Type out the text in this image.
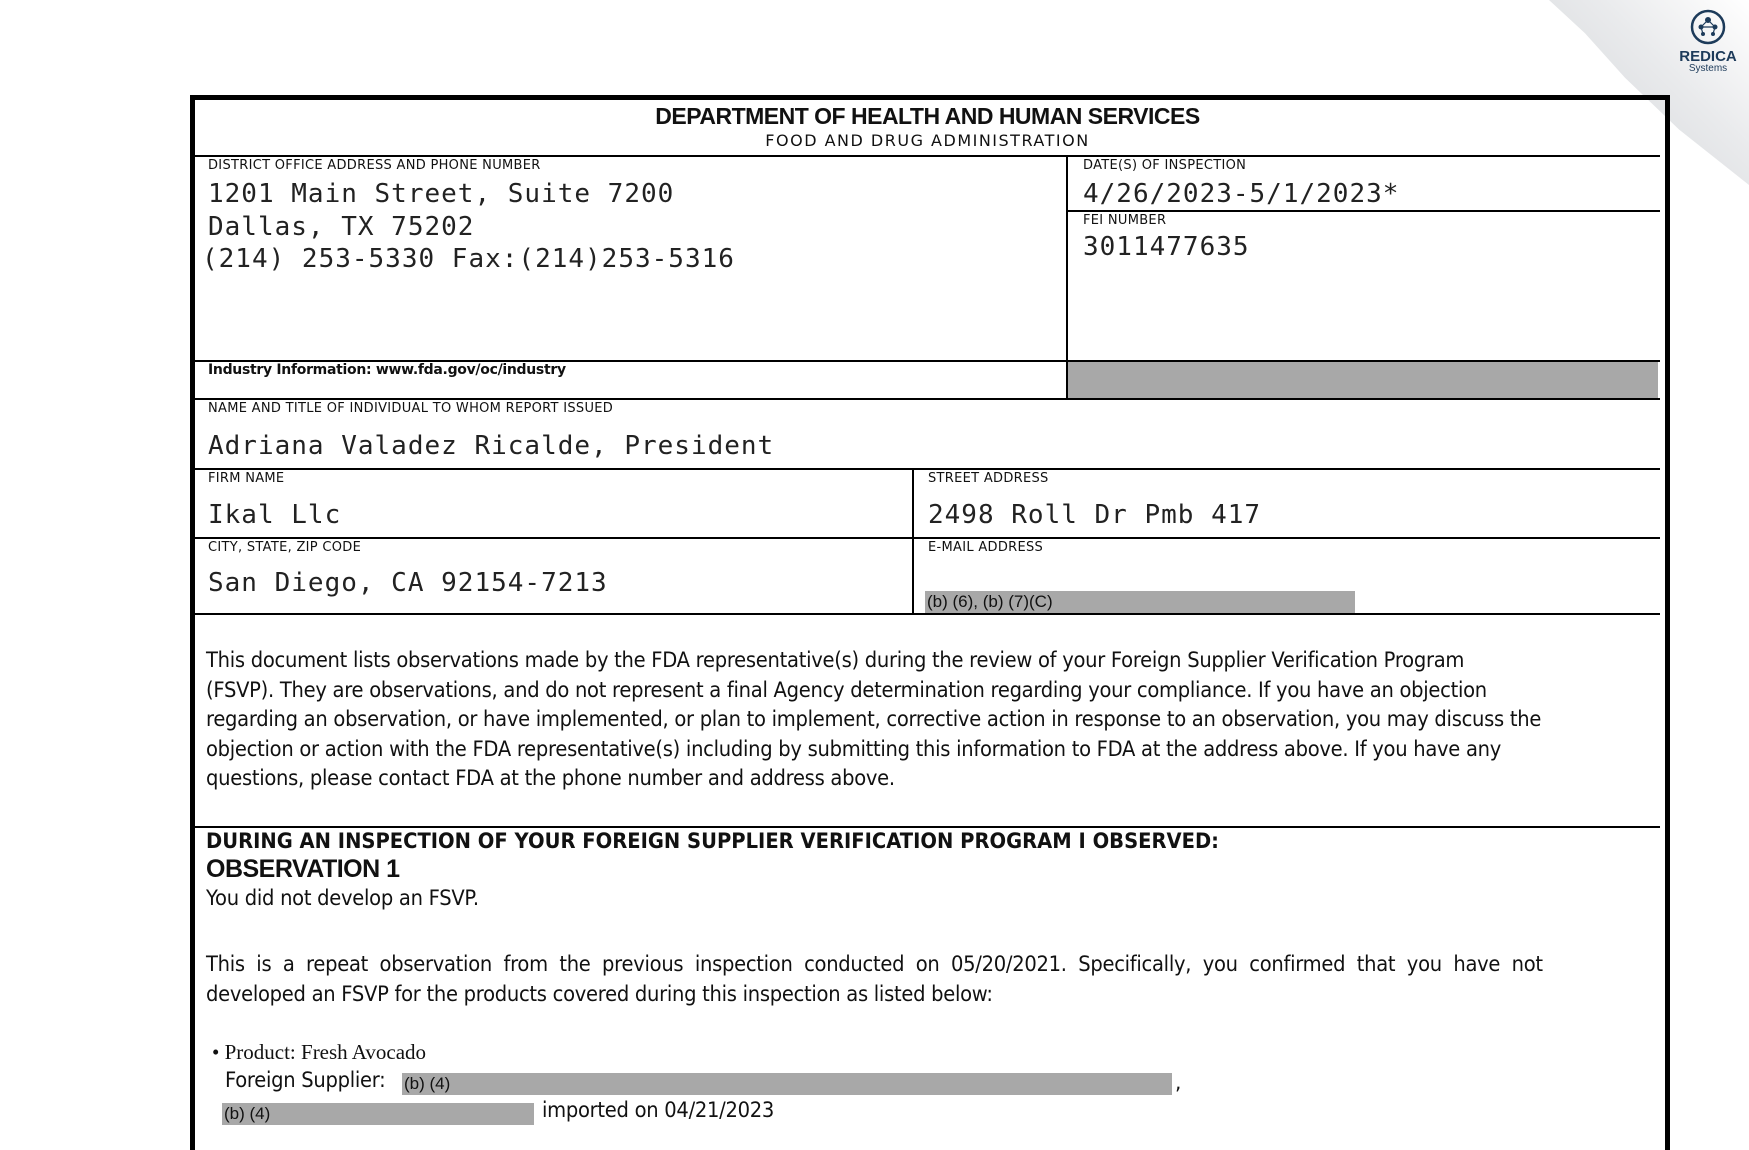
REDICA
Systems
DEPARTMENT OF HEALTH AND HUMAN SERVICES
FOOD AND DRUG ADMINISTRATION
DISTRICT OFFICE ADDRESS AND PHONE NUMBER
1201 Main Street, Suite 7200
Dallas, TX 75202
(214) 253-5330 Fax:(214)253-5316
DATE(S) OF INSPECTION
4/26/2023-5/1/2023*
FEI NUMBER
3011477635
Industry Information: www.fda.gov/oc/industry
NAME AND TITLE OF INDIVIDUAL TO WHOM REPORT ISSUED
Adriana Valadez Ricalde, President
FIRM NAME
Ikal Llc
STREET ADDRESS
2498 Roll Dr Pmb 417
CITY, STATE, ZIP CODE
San Diego, CA 92154-7213
E-MAIL ADDRESS
(b) (6), (b) (7)(C)
This document lists observations made by the FDA representative(s) during the review of your Foreign Supplier Verification Program
(FSVP). They are observations, and do not represent a final Agency determination regarding your compliance. If you have an objection
regarding an observation, or have implemented, or plan to implement, corrective action in response to an observation, you may discuss the
objection or action with the FDA representative(s) including by submitting this information to FDA at the address above. If you have any
questions, please contact FDA at the phone number and address above.
DURING AN INSPECTION OF YOUR FOREIGN SUPPLIER VERIFICATION PROGRAM I OBSERVED:
OBSERVATION 1
You did not develop an FSVP.
This is a repeat observation from the previous inspection conducted on 05/20/2021. Specifically, you confirmed that you have not
developed an FSVP for the products covered during this inspection as listed below:
• Product: Fresh Avocado
Foreign Supplier: (b) (4)	,
(b) (4)	imported on 04/21/2023
